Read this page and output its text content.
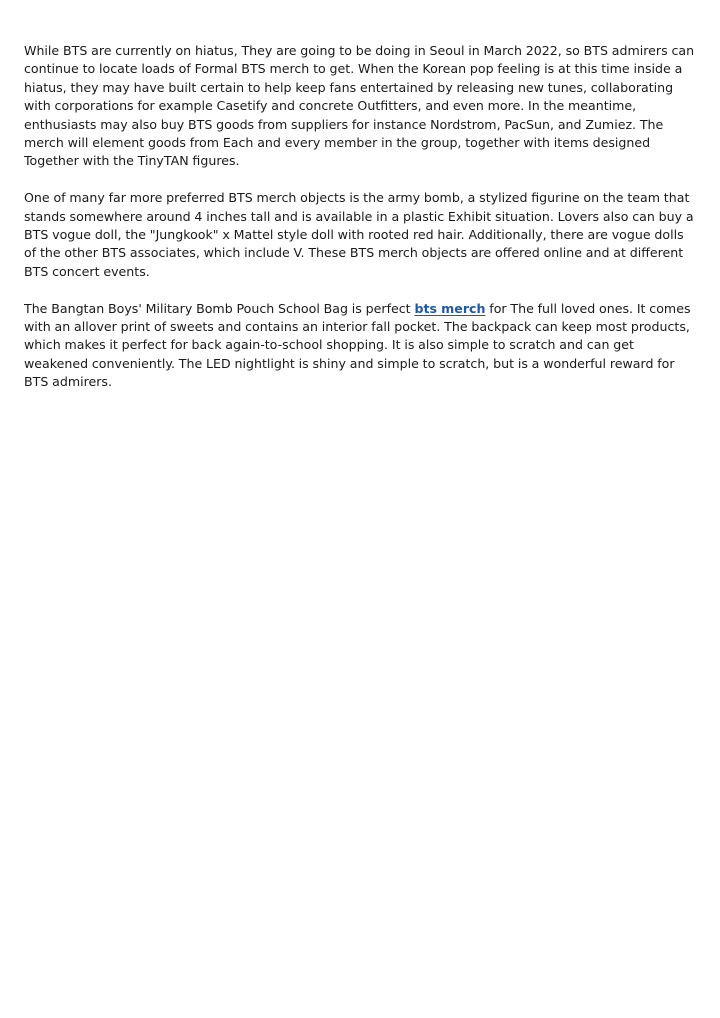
While BTS are currently on hiatus, They are going to be doing in Seoul in March 2022, so BTS admirers can continue to locate loads of Formal BTS merch to get. When the Korean pop feeling is at this time inside a hiatus, they may have built certain to help keep fans entertained by releasing new tunes, collaborating with corporations for example Casetify and concrete Outfitters, and even more. In the meantime, enthusiasts may also buy BTS goods from suppliers for instance Nordstrom, PacSun, and Zumiez. The merch will element goods from Each and every member in the group, together with items designed Together with the TinyTAN figures.

One of many far more preferred BTS merch objects is the army bomb, a stylized figurine on the team that stands somewhere around 4 inches tall and is available in a plastic Exhibit situation. Lovers also can buy a BTS vogue doll, the "Jungkook" x Mattel style doll with rooted red hair. Additionally, there are vogue dolls of the other BTS associates, which include V. These BTS merch objects are offered online and at different BTS concert events.

The Bangtan Boys' Military Bomb Pouch School Bag is perfect bts merch for The full loved ones. It comes with an allover print of sweets and contains an interior fall pocket. The backpack can keep most products, which makes it perfect for back again-to-school shopping. It is also simple to scratch and can get weakened conveniently. The LED nightlight is shiny and simple to scratch, but is a wonderful reward for BTS admirers.
